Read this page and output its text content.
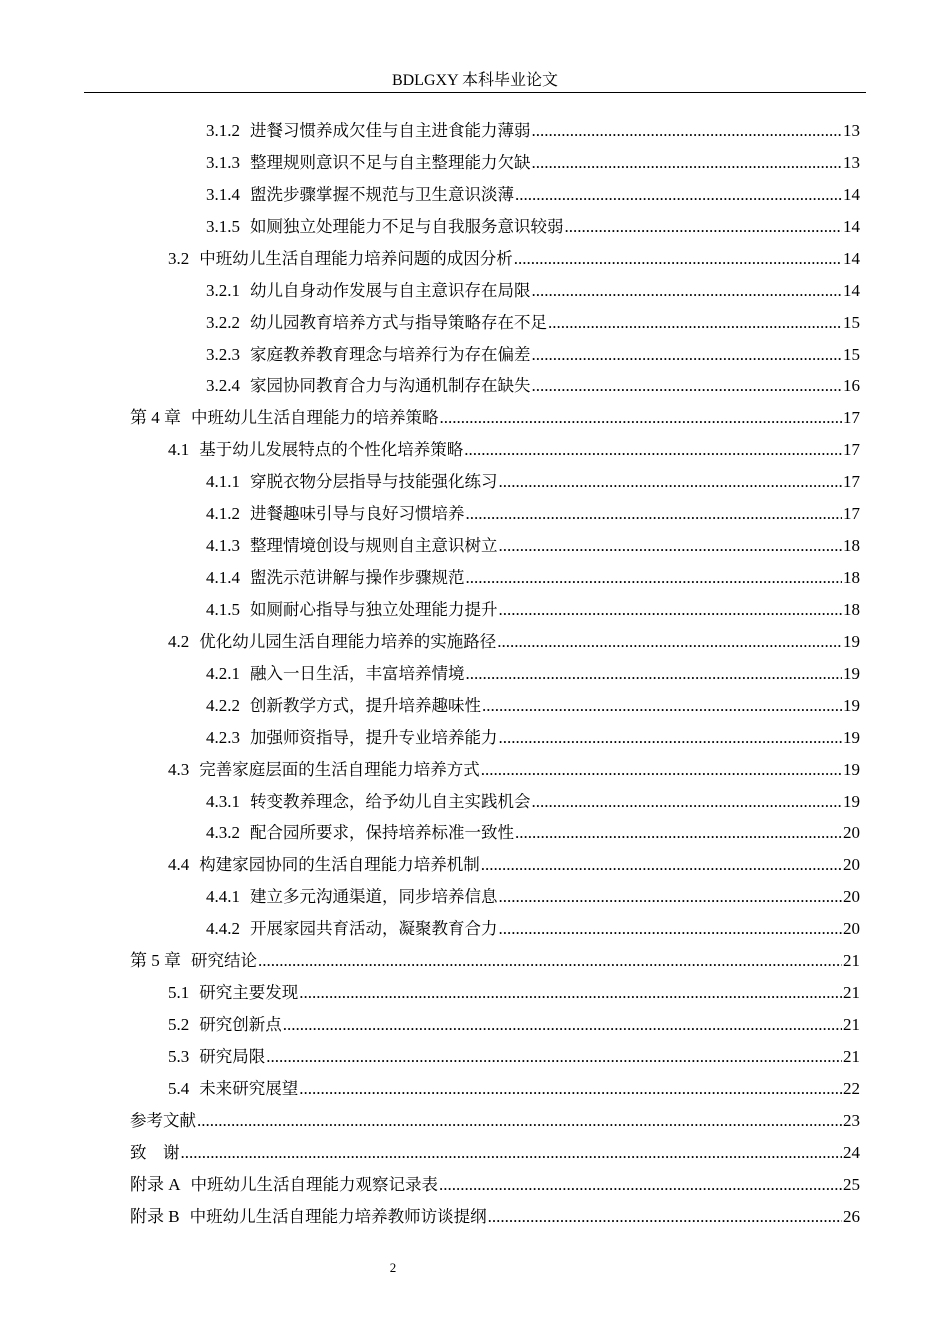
BDLGXY 本科毕业论文
3.1.2 进餐习惯养成欠佳与自主进食能力薄弱 .....	13
3.1.3 整理规则意识不足与自主整理能力欠缺 .....	13
3.1.4 盥洗步骤掌握不规范与卫生意识淡薄 .....	14
3.1.5 如厕独立处理能力不足与自我服务意识较弱 .....	14
3.2 中班幼儿生活自理能力培养问题的成因分析 .....	14
3.2.1 幼儿自身动作发展与自主意识存在局限 .....	14
3.2.2 幼儿园教育培养方式与指导策略存在不足 .....	15
3.2.3 家庭教养教育理念与培养行为存在偏差 .....	15
3.2.4 家园协同教育合力与沟通机制存在缺失 .....	16
第 4 章 中班幼儿生活自理能力的培养策略 .....	17
4.1 基于幼儿发展特点的个性化培养策略 .....	17
4.1.1 穿脱衣物分层指导与技能强化练习 .....	17
4.1.2 进餐趣味引导与良好习惯培养 .....	17
4.1.3 整理情境创设与规则自主意识树立 .....	18
4.1.4 盥洗示范讲解与操作步骤规范 .....	18
4.1.5 如厕耐心指导与独立处理能力提升 .....	18
4.2 优化幼儿园生活自理能力培养的实施路径 .....	19
4.2.1 融入一日生活，丰富培养情境 .....	19
4.2.2 创新教学方式，提升培养趣味性 .....	19
4.2.3 加强师资指导，提升专业培养能力 .....	19
4.3 完善家庭层面的生活自理能力培养方式 .....	19
4.3.1 转变教养理念，给予幼儿自主实践机会 .....	19
4.3.2 配合园所要求，保持培养标准一致性 .....	20
4.4 构建家园协同的生活自理能力培养机制 .....	20
4.4.1 建立多元沟通渠道，同步培养信息 .....	20
4.4.2 开展家园共育活动，凝聚教育合力 .....	20
第 5 章 研究结论 .....	21
5.1 研究主要发现 .....	21
5.2 研究创新点 .....	21
5.3 研究局限 .....	21
5.4 未来研究展望 .....	22
参考文献 .....	23
致　谢 .....	24
附录 A 中班幼儿生活自理能力观察记录表 .....	25
附录 B 中班幼儿生活自理能力培养教师访谈提纲 .....	26
2
